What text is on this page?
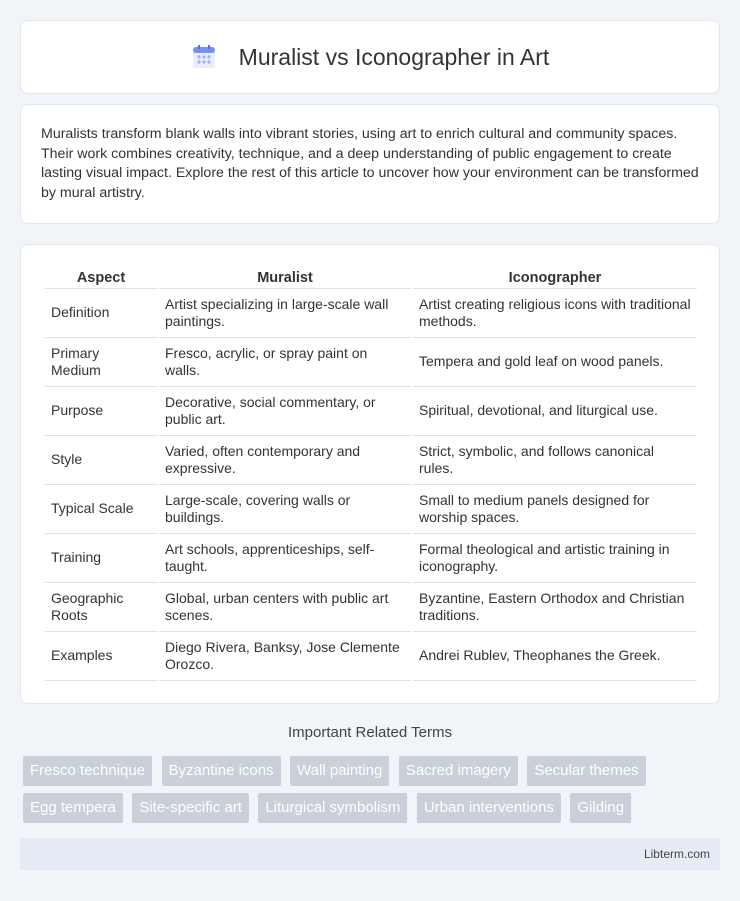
Muralist vs Iconographer in Art

Muralists transform blank walls into vibrant stories, using art to enrich cultural and community spaces. Their work combines creativity, technique, and a deep understanding of public engagement to create lasting visual impact. Explore the rest of this article to uncover how your environment can be transformed by mural artistry.

Aspect	Muralist	Iconographer
Definition	Artist specializing in large-scale wall paintings.	Artist creating religious icons with traditional methods.
Primary Medium	Fresco, acrylic, or spray paint on walls.	Tempera and gold leaf on wood panels.
Purpose	Decorative, social commentary, or public art.	Spiritual, devotional, and liturgical use.
Style	Varied, often contemporary and expressive.	Strict, symbolic, and follows canonical rules.
Typical Scale	Large-scale, covering walls or buildings.	Small to medium panels designed for worship spaces.
Training	Art schools, apprenticeships, self-taught.	Formal theological and artistic training in iconography.
Geographic Roots	Global, urban centers with public art scenes.	Byzantine, Eastern Orthodox and Christian traditions.
Examples	Diego Rivera, Banksy, Jose Clemente Orozco.	Andrei Rublev, Theophanes the Greek.
Important Related Terms
Fresco technique Byzantine icons Wall painting Sacred imagery Secular themes Egg tempera Site-specific art Liturgical symbolism Urban interventions Gilding
Libterm.com
